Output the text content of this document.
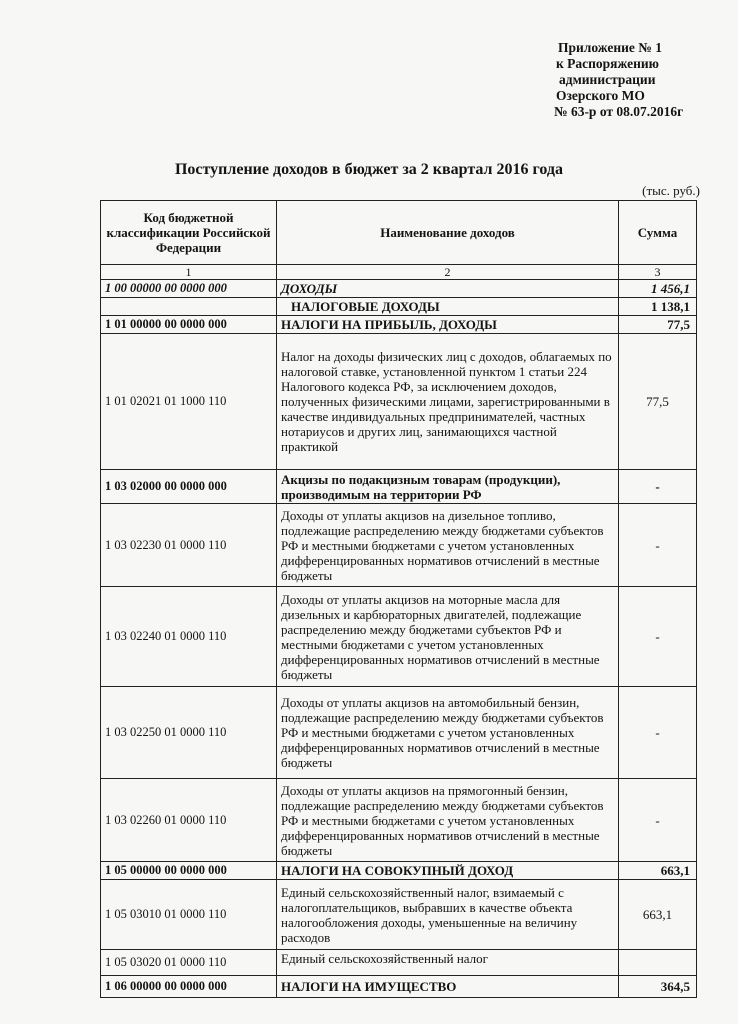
Приложение № 1
к Распоряжению
администрации
Озерского МО
№ 63-р от 08.07.2016г
Поступление доходов в бюджет за 2 квартал 2016 года
(тыс. руб.)
Код бюджетной классификации Российской Федерации	Наименование доходов	Сумма
1	2	3
1 00 00000 00 0000 000	ДОХОДЫ	1 456,1
	НАЛОГОВЫЕ ДОХОДЫ	1 138,1
1 01 00000 00 0000 000	НАЛОГИ НА ПРИБЫЛЬ, ДОХОДЫ	77,5
1 01 02021 01 1000 110	Налог на доходы физических лиц с доходов, облагаемых по налоговой ставке, установленной пунктом 1 статьи 224 Налогового кодекса РФ, за исключением доходов, полученных физическими лицами, зарегистрированными в качестве индивидуальных предпринимателей, частных нотариусов и других лиц, занимающихся частной практикой	77,5
1 03 02000 00 0000 000	Акцизы по подакцизным товарам (продукции), производимым на территории РФ	-
1 03 02230 01 0000 110	Доходы от уплаты акцизов на дизельное топливо, подлежащие распределению между бюджетами субъектов РФ и местными бюджетами с учетом установленных дифференцированных нормативов отчислений в местные бюджеты	-
1 03 02240 01 0000 110	Доходы от уплаты акцизов на моторные масла для дизельных и карбюраторных двигателей, подлежащие распределению между бюджетами субъектов РФ и местными бюджетами с учетом установленных дифференцированных нормативов отчислений в местные бюджеты	-
1 03 02250 01 0000 110	Доходы от уплаты акцизов на автомобильный бензин, подлежащие распределению между бюджетами субъектов РФ и местными бюджетами с учетом установленных дифференцированных нормативов отчислений в местные бюджеты	-
1 03 02260 01 0000 110	Доходы от уплаты акцизов на прямогонный бензин, подлежащие распределению между бюджетами субъектов РФ и местными бюджетами с учетом установленных дифференцированных нормативов отчислений в местные бюджеты	-
1 05 00000 00 0000 000	НАЛОГИ НА СОВОКУПНЫЙ ДОХОД	663,1
1 05 03010 01 0000 110	Единый сельскохозяйственный налог, взимаемый с налогоплательщиков, выбравших в качестве объекта налогообложения доходы, уменьшенные на величину расходов	663,1
1 05 03020 01 0000 110	Единый сельскохозяйственный налог	
1 06 00000 00 0000 000	НАЛОГИ НА ИМУЩЕСТВО	364,5
